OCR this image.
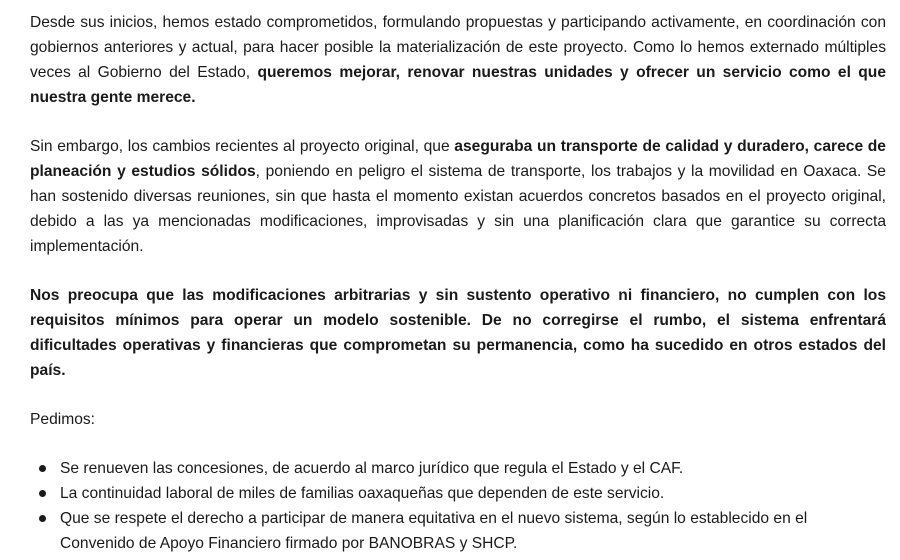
Desde sus inicios, hemos estado comprometidos, formulando propuestas y participando activamente, en coordinación con gobiernos anteriores y actual, para hacer posible la materialización de este proyecto. Como lo hemos externado múltiples veces al Gobierno del Estado, queremos mejorar, renovar nuestras unidades y ofrecer un servicio como el que nuestra gente merece.

Sin embargo, los cambios recientes al proyecto original, que aseguraba un transporte de calidad y duradero, carece de planeación y estudios sólidos, poniendo en peligro el sistema de transporte, los trabajos y la movilidad en Oaxaca. Se han sostenido diversas reuniones, sin que hasta el momento existan acuerdos concretos basados en el proyecto original, debido a las ya mencionadas modificaciones, improvisadas y sin una planificación clara que garantice su correcta implementación.

Nos preocupa que las modificaciones arbitrarias y sin sustento operativo ni financiero, no cumplen con los requisitos mínimos para operar un modelo sostenible. De no corregirse el rumbo, el sistema enfrentará dificultades operativas y financieras que comprometan su permanencia, como ha sucedido en otros estados del país.

Pedimos:

Se renueven las concesiones, de acuerdo al marco jurídico que regula el Estado y el CAF.
La continuidad laboral de miles de familias oaxaqueñas que dependen de este servicio.
Que se respete el derecho a participar de manera equitativa en el nuevo sistema, según lo establecido en el Convenido de Apoyo Financiero firmado por BANOBRAS y SHCP.
